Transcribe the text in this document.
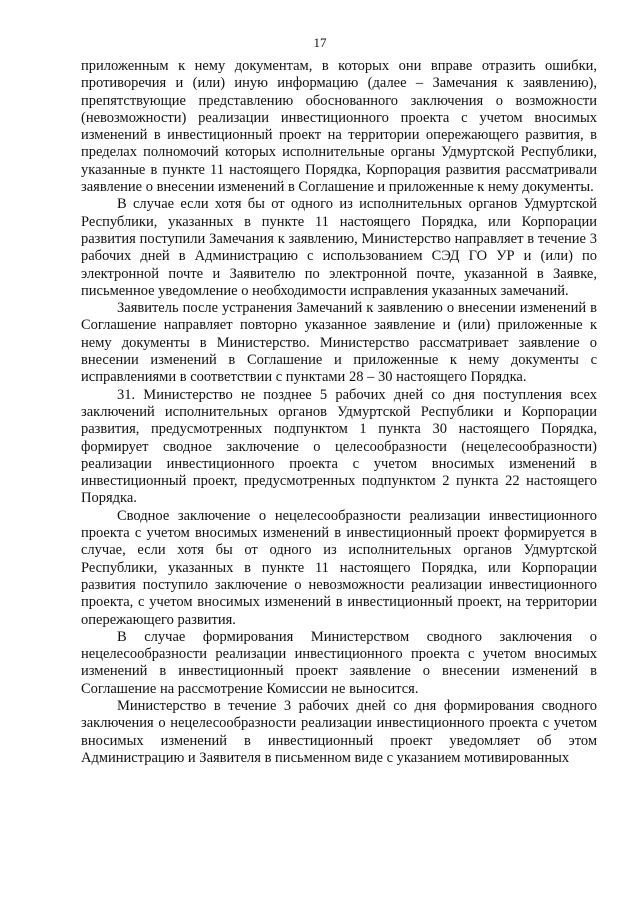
17

приложенным к нему документам, в которых они вправе отразить ошибки, противоречия и (или) иную информацию (далее – Замечания к заявлению), препятствующие представлению обоснованного заключения о возможности (невозможности) реализации инвестиционного проекта с учетом вносимых изменений в инвестиционный проект на территории опережающего развития, в пределах полномочий которых исполнительные органы Удмуртской Республики, указанные в пункте 11 настоящего Порядка, Корпорация развития рассматривали заявление о внесении изменений в Соглашение и приложенные к нему документы.

В случае если хотя бы от одного из исполнительных органов Удмуртской Республики, указанных в пункте 11 настоящего Порядка, или Корпорации развития поступили Замечания к заявлению, Министерство направляет в течение 3 рабочих дней в Администрацию с использованием СЭД ГО УР и (или) по электронной почте и Заявителю по электронной почте, указанной в Заявке, письменное уведомление о необходимости исправления указанных замечаний.

Заявитель после устранения Замечаний к заявлению о внесении изменений в Соглашение направляет повторно указанное заявление и (или) приложенные к нему документы в Министерство. Министерство рассматривает заявление о внесении изменений в Соглашение и приложенные к нему документы с исправлениями в соответствии с пунктами 28 – 30 настоящего Порядка.

31. Министерство не позднее 5 рабочих дней со дня поступления всех заключений исполнительных органов Удмуртской Республики и Корпорации развития, предусмотренных подпунктом 1 пункта 30 настоящего Порядка, формирует сводное заключение о целесообразности (нецелесообразности) реализации инвестиционного проекта с учетом вносимых изменений в инвестиционный проект, предусмотренных подпунктом 2 пункта 22 настоящего Порядка.

Сводное заключение о нецелесообразности реализации инвестиционного проекта с учетом вносимых изменений в инвестиционный проект формируется в случае, если хотя бы от одного из исполнительных органов Удмуртской Республики, указанных в пункте 11 настоящего Порядка, или Корпорации развития поступило заключение о невозможности реализации инвестиционного проекта, с учетом вносимых изменений в инвестиционный проект, на территории опережающего развития.

В случае формирования Министерством сводного заключения о нецелесообразности реализации инвестиционного проекта с учетом вносимых изменений в инвестиционный проект заявление о внесении изменений в Соглашение на рассмотрение Комиссии не выносится.

Министерство в течение 3 рабочих дней со дня формирования сводного заключения о нецелесообразности реализации инвестиционного проекта с учетом вносимых изменений в инвестиционный проект уведомляет об этом Администрацию и Заявителя в письменном виде с указанием мотивированных
